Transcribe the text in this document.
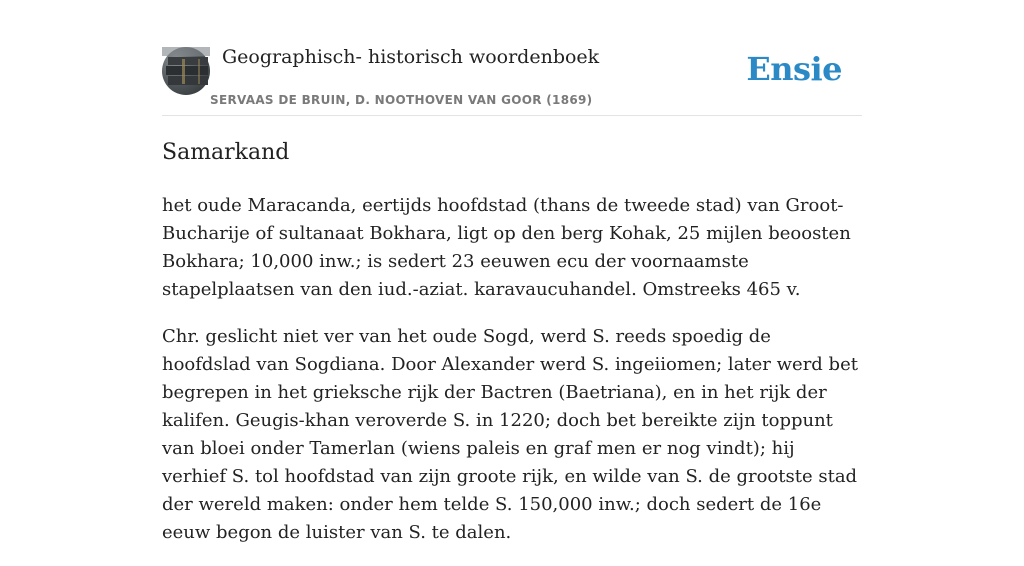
Geographisch- historisch woordenboek
SERVAAS DE BRUIN, D. NOOTHOVEN VAN GOOR (1869)
Ensie
Samarkand

het oude Maracanda, eertijds hoofdstad (thans de tweede stad) van Groot-Bucharije of sultanaat Bokhara, ligt op den berg Kohak, 25 mijlen beoosten Bokhara; 10,000 inw.; is sedert 23 eeuwen ecu der voornaamste stapelplaatsen van den iud.-aziat. karavaucuhandel. Omstreeks 465 v.

Chr. geslicht niet ver van het oude Sogd, werd S. reeds spoedig de hoofdslad van Sogdiana. Door Alexander werd S. ingeiiomen; later werd bet begrepen in het grieksche rijk der Bactren (Baetriana), en in het rijk der kalifen. Geugis-khan veroverde S. in 1220; doch bet bereikte zijn toppunt van bloei onder Tamerlan (wiens paleis en graf men er nog vindt); hij verhief S. tol hoofdstad van zijn groote rijk, en wilde van S. de grootste stad der wereld maken: onder hem telde S. 150,000 inw.; doch sedert de 16e eeuw begon de luister van S. te dalen.
